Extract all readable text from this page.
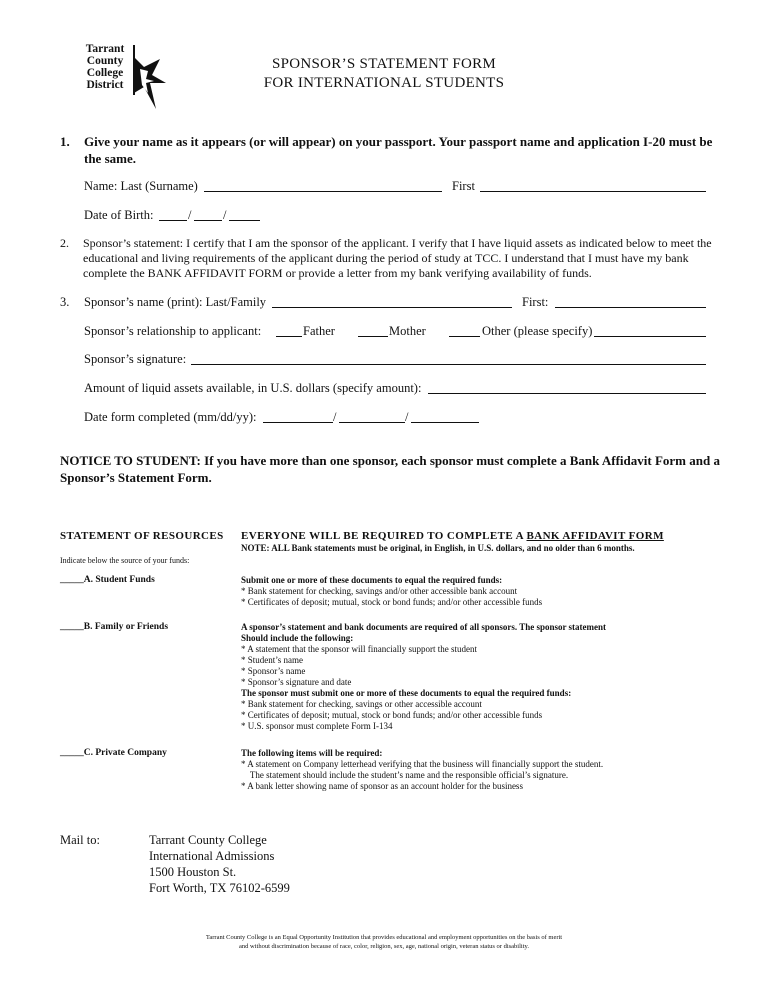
Tarrant
County
College
District
SPONSOR’S STATEMENT FORM
FOR INTERNATIONAL STUDENTS
1. Give your name as it appears (or will appear) on your passport. Your passport name and application I-20 must be the same.
Name: Last (Surname)	First
Date of Birth:	/	/
2. Sponsor’s statement: I certify that I am the sponsor of the applicant. I verify that I have liquid assets as indicated below to meet the educational and living requirements of the applicant during the period of study at TCC. I understand that I must have my bank complete the BANK AFFIDAVIT FORM or provide a letter from my bank verifying availability of funds.
3. Sponsor’s name (print): Last/Family	First:
Sponsor’s relationship to applicant:	Father	Mother	Other (please specify)
Sponsor’s signature:
Amount of liquid assets available, in U.S. dollars (specify amount):
Date form completed (mm/dd/yy):	/	/
NOTICE TO STUDENT: If you have more than one sponsor, each sponsor must complete a Bank Affidavit Form and a Sponsor’s Statement Form.
STATEMENT OF RESOURCES
Indicate below the source of your funds:
EVERYONE WILL BE REQUIRED TO COMPLETE A BANK AFFIDAVIT FORM
NOTE: ALL Bank statements must be original, in English, in U.S. dollars, and no older than 6 months.
_____A. Student Funds	Submit one or more of these documents to equal the required funds:
* Bank statement for checking, savings and/or other accessible bank account
* Certificates of deposit; mutual, stock or bond funds; and/or other accessible funds
_____B. Family or Friends	A sponsor’s statement and bank documents are required of all sponsors. The sponsor statement
Should include the following:
* A statement that the sponsor will financially support the student
* Student’s name
* Sponsor’s name
* Sponsor’s signature and date
The sponsor must submit one or more of these documents to equal the required funds:
* Bank statement for checking, savings or other accessible account
* Certificates of deposit; mutual, stock or bond funds; and/or other accessible funds
* U.S. sponsor must complete Form I-134
_____C. Private Company	The following items will be required:
* A statement on Company letterhead verifying that the business will financially support the student.
The statement should include the student’s name and the responsible official’s signature.
* A bank letter showing name of sponsor as an account holder for the business
Mail to:	Tarrant County College
International Admissions
1500 Houston St.
Fort Worth, TX 76102-6599
Tarrant County College is an Equal Opportunity Institution that provides educational and employment opportunities on the basis of merit
and without discrimination because of race, color, religion, sex, age, national origin, veteran status or disability.
